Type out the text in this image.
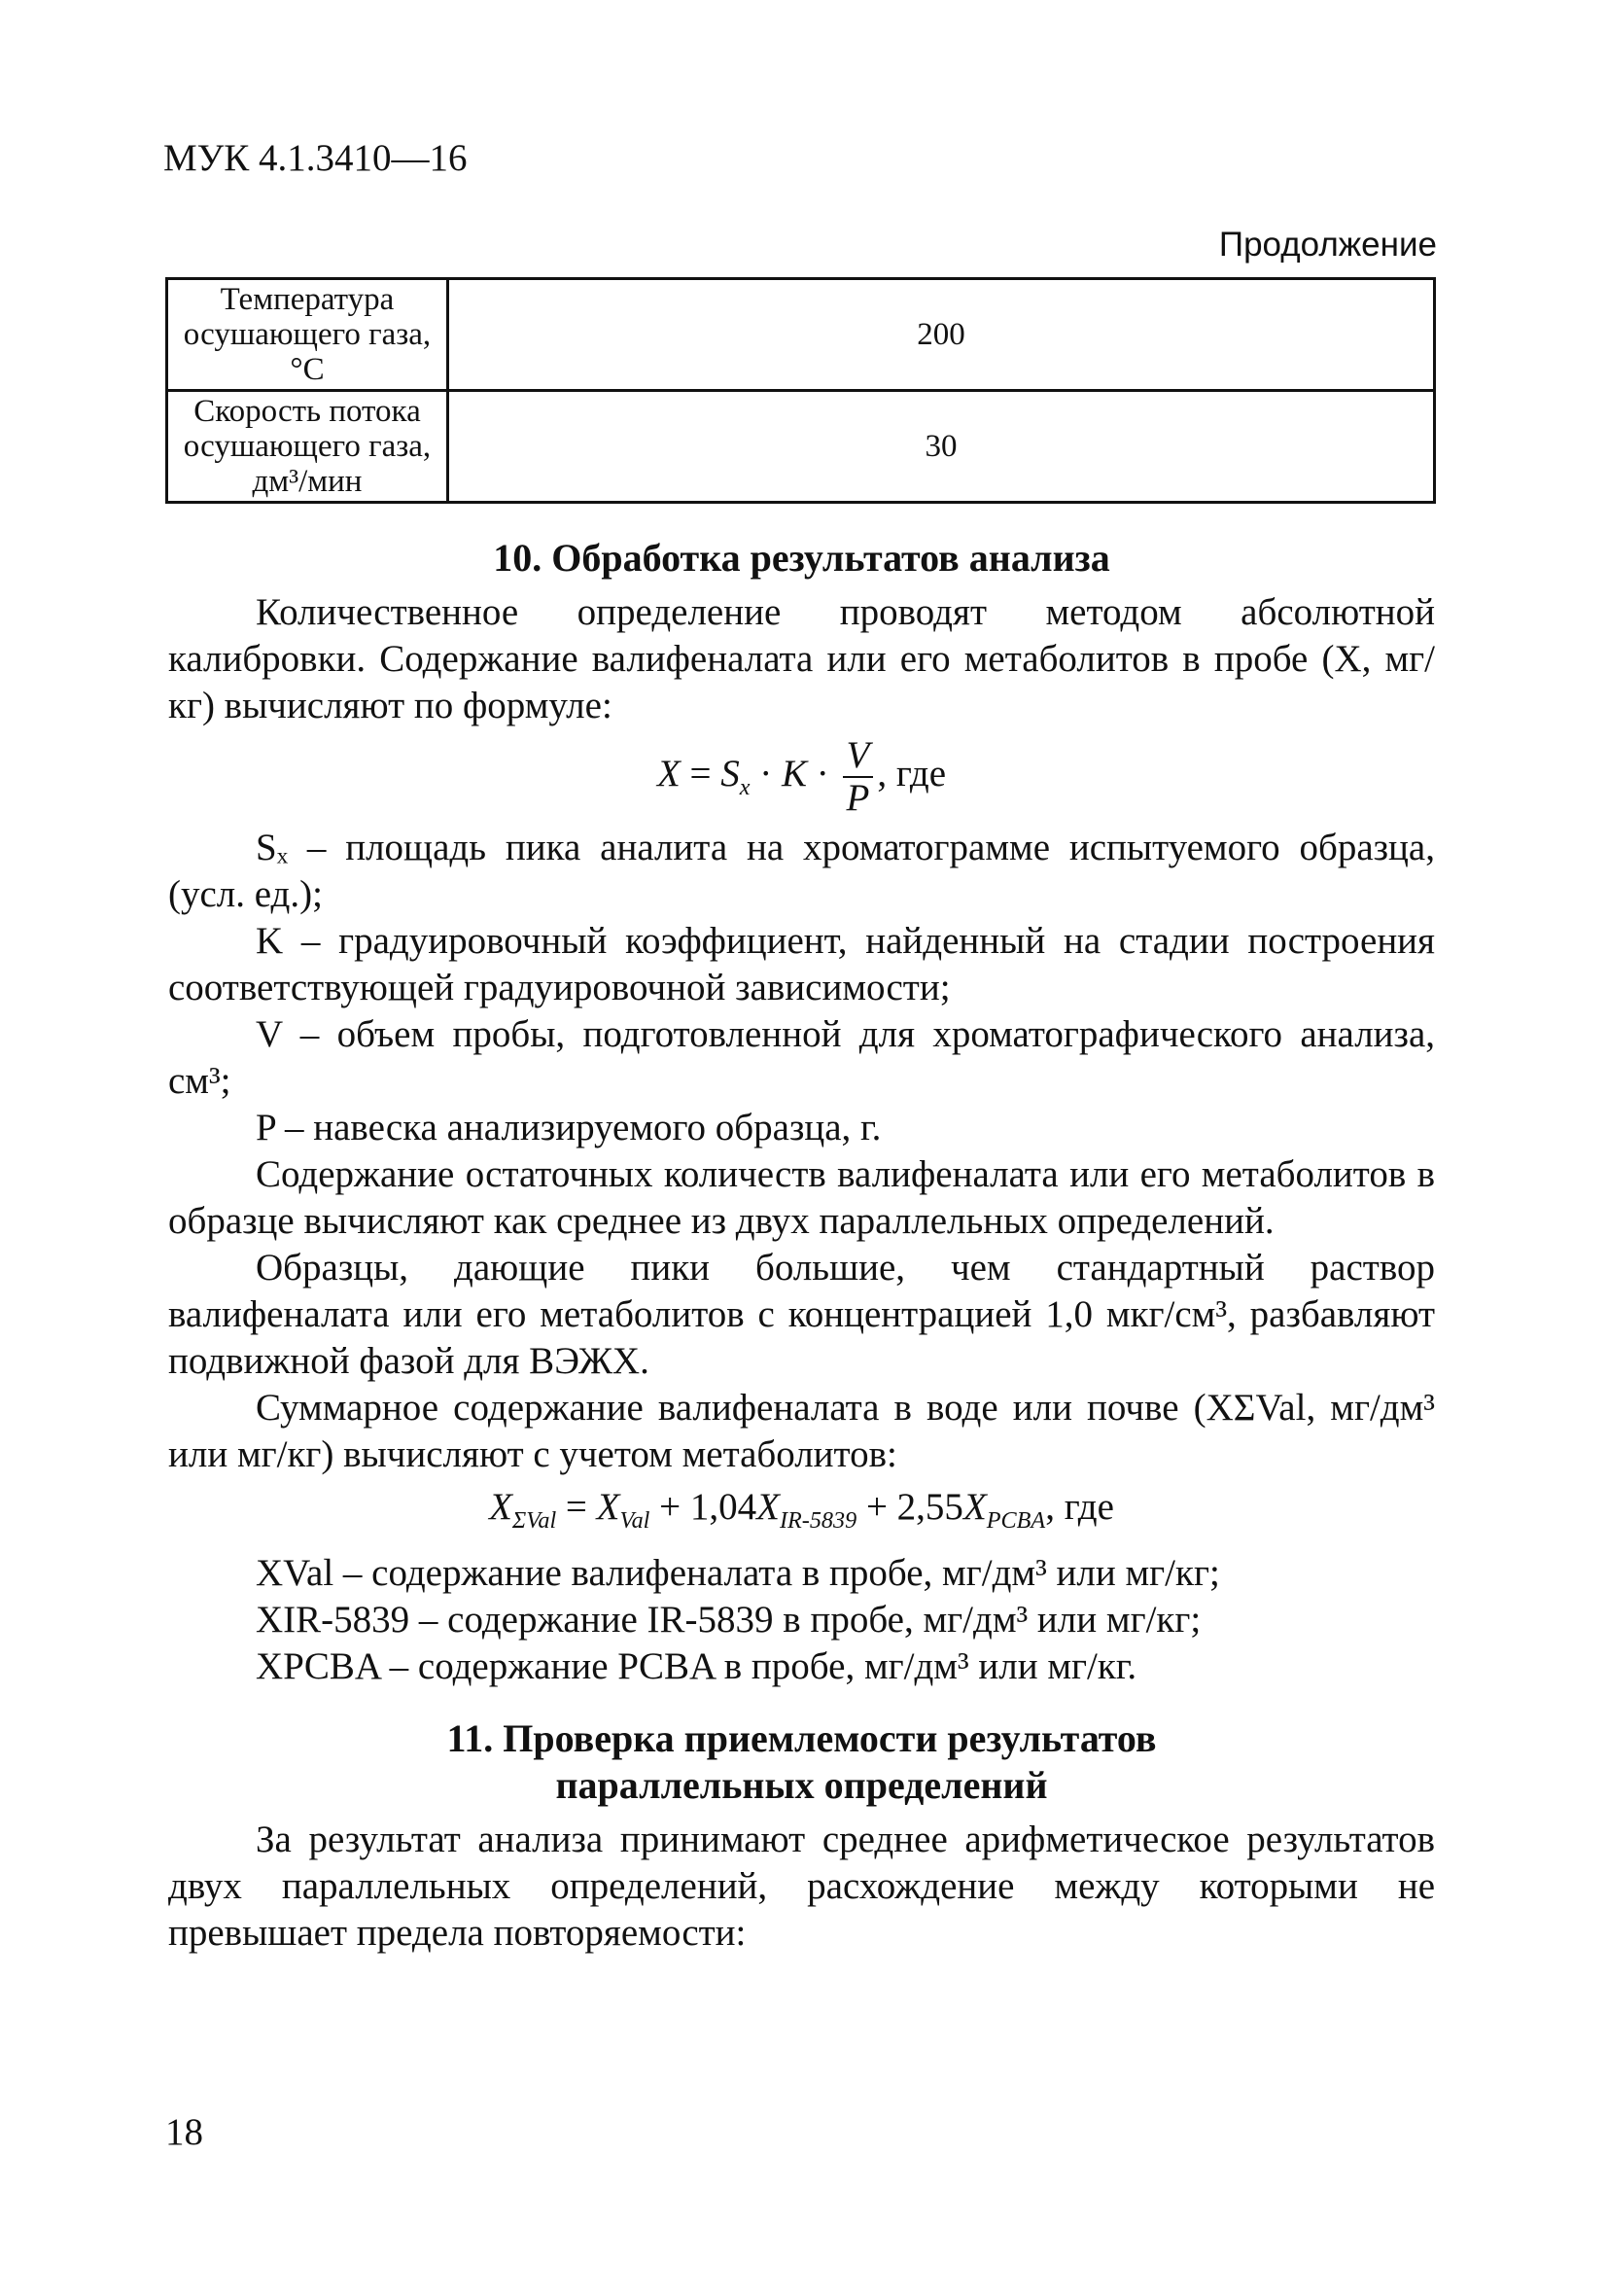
МУК 4.1.3410—16
Продолжение
Температура осушающего газа, °С	200
Скорость потока осушающего газа, дм³/мин	30
10. Обработка результатов анализа

Количественное определение проводят методом абсолютной калибровки. Содержание валифеналата или его метаболитов в пробе (X, мг/кг) вычисляют по формуле:

$X = S_x \cdot K \cdot \frac{V}{P}$ , где

Sₓ – площадь пика аналита на хроматограмме испытуемого образца, (усл. ед.);

K – градуировочный коэффициент, найденный на стадии построения соответствующей градуировочной зависимости;

V – объем пробы, подготовленной для хроматографического анализа, см³;

P – навеска анализируемого образца, г.

Содержание остаточных количеств валифеналата или его метаболитов в образце вычисляют как среднее из двух параллельных определений.

Образцы, дающие пики большие, чем стандартный раствор валифеналата или его метаболитов с концентрацией 1,0 мкг/см³, разбавляют подвижной фазой для ВЭЖХ.

Суммарное содержание валифеналата в воде или почве (XΣVal, мг/дм³ или мг/кг) вычисляют с учетом метаболитов:

$X_{\Sigma Val} = X_{Val} + 1,04X_{IR-5839} + 2,55X_{PCBA}$, где

XVal – содержание валифеналата в пробе, мг/дм³ или мг/кг;

XIR-5839 – содержание IR-5839 в пробе, мг/дм³ или мг/кг;

XPCBA – содержание PCBA в пробе, мг/дм³ или мг/кг.

11. Проверка приемлемости результатов
параллельных определений

За результат анализа принимают среднее арифметическое результатов двух параллельных определений, расхождение между которыми не превышает предела повторяемости:

18
